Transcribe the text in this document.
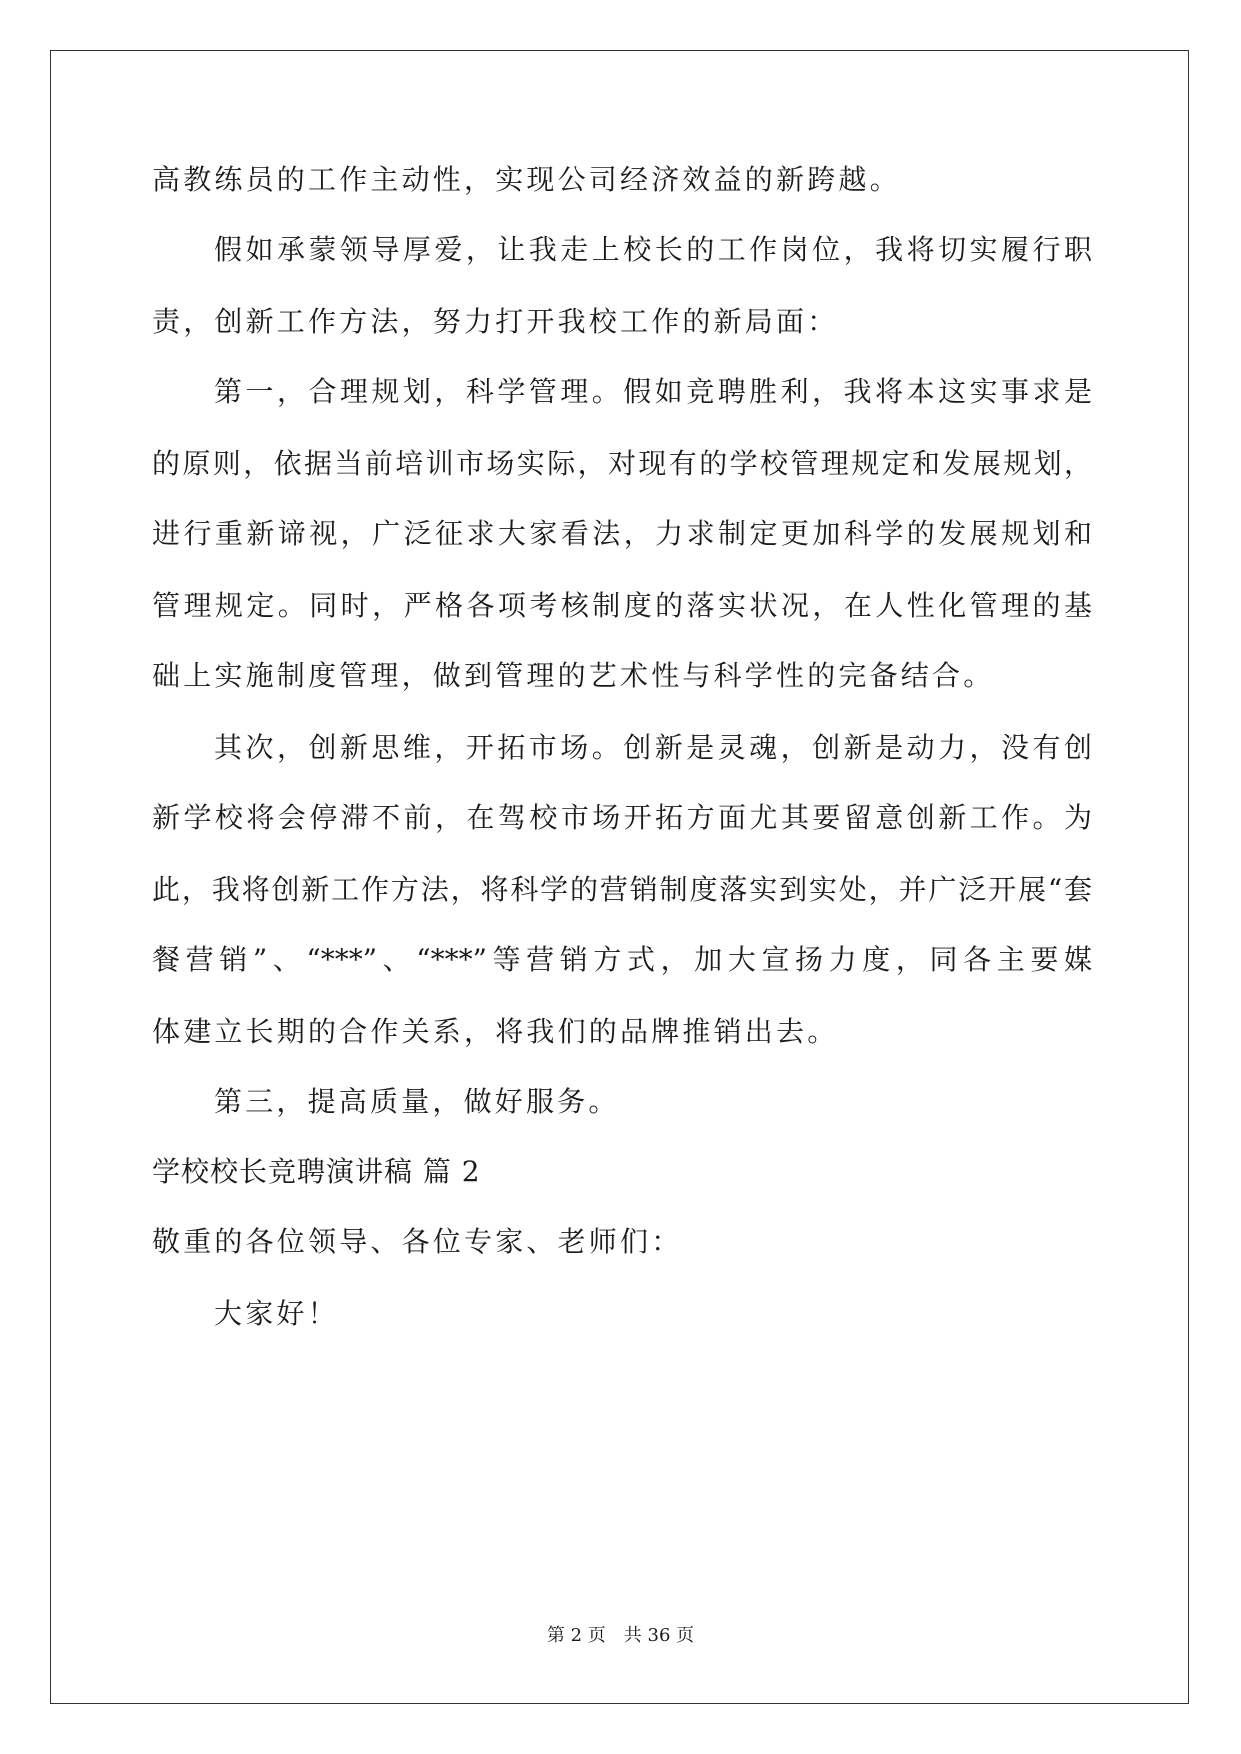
高教练员的工作主动性，实现公司经济效益的新跨越。
假如承蒙领导厚爱，让我走上校长的工作岗位，我将切实履行职
责，创新工作方法，努力打开我校工作的新局面：
第一，合理规划，科学管理。假如竞聘胜利，我将本这实事求是
的原则，依据当前培训市场实际，对现有的学校管理规定和发展规划，
进行重新谛视，广泛征求大家看法，力求制定更加科学的发展规划和
管理规定。同时，严格各项考核制度的落实状况，在人性化管理的基
础上实施制度管理，做到管理的艺术性与科学性的完备结合。
其次，创新思维，开拓市场。创新是灵魂，创新是动力，没有创
新学校将会停滞不前，在驾校市场开拓方面尤其要留意创新工作。为
此，我将创新工作方法，将科学的营销制度落实到实处，并广泛开展“套
餐营销”、“***”、“***”等营销方式，加大宣扬力度，同各主要媒
体建立长期的合作关系，将我们的品牌推销出去。
第三，提高质量，做好服务。
学校校长竞聘演讲稿 篇 2
敬重的各位领导、各位专家、老师们：
大家好！
第 2 页　共 36 页
